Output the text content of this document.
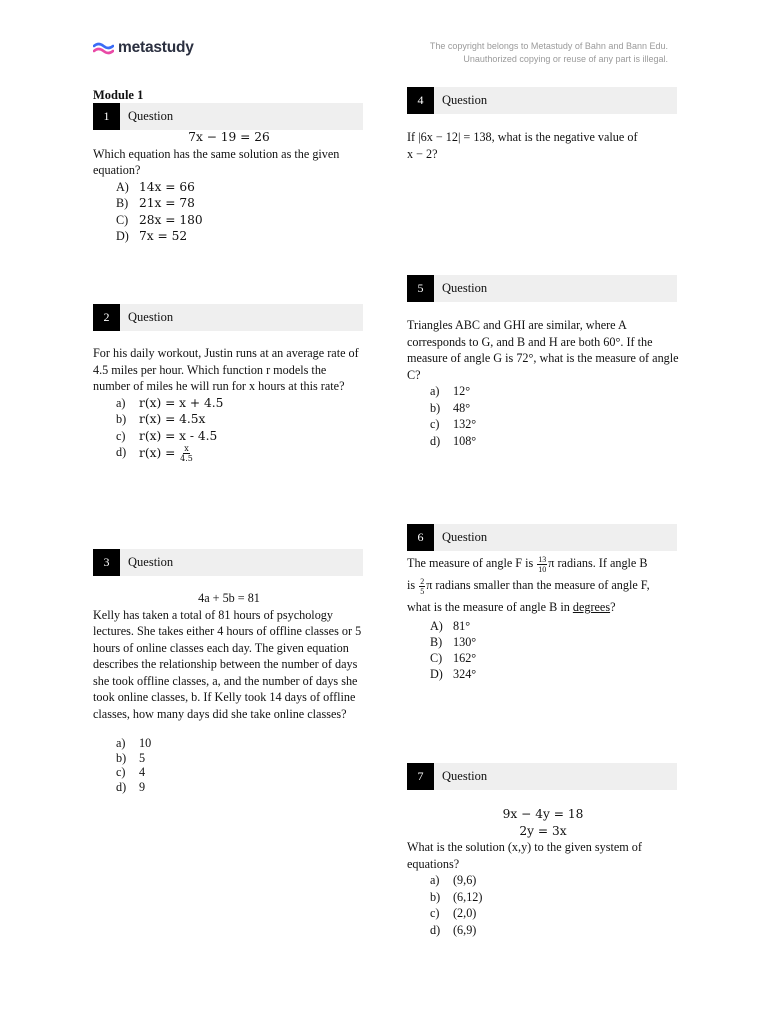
metastudy	The copyright belongs to Metastudy of Bahn and Bann Edu.
Unauthorized copying or reuse of any part is illegal.
Module 1
1	Question

7x − 19 = 26

Which equation has the same solution as the given equation?

A) 14x = 66
B) 21x = 78
C) 28x = 180
D) 7x = 52
2	Question

For his daily workout, Justin runs at an average rate of 4.5 miles per hour. Which function r models the number of miles he will run for x hours at this rate?

a)	r(x) = x + 4.5
b)	r(x) = 4.5x
c)	r(x) = x - 4.5
d)	$r(x) = \frac{x}{4.5}$
3	Question

4a + 5b = 81

Kelly has taken a total of 81 hours of psychology lectures. She takes either 4 hours of offline classes or 5 hours of online classes each day. The given equation describes the relationship between the number of days she took offline classes, a, and the number of days she took online classes, b. If Kelly took 14 days of offline classes, how many days did she take online classes?

a)	10
b)	5
c)	4
d)	9
4	Question

If |6x − 12| = 138, what is the negative value of x − 2?

5	Question

Triangles ABC and GHI are similar, where A corresponds to G, and B and H are both 60°. If the measure of angle G is 72°, what is the measure of angle C?

a)	12°
b)	48°
c)	132°
d)	108°
6	Question

The measure of angle F is $\frac{13}{10}$ π radians. If angle B
is $\frac{2}{5}$ π radians smaller than the measure of angle F,
what is the measure of angle B in degrees?

A) 81°
B) 130°
C) 162°
D) 324°
7	Question

9x − 4y = 18

2y = 3x

What is the solution (x,y) to the given system of equations?

a)	(9,6)
b)	(6,12)
c)	(2,0)
d)	(6,9)
